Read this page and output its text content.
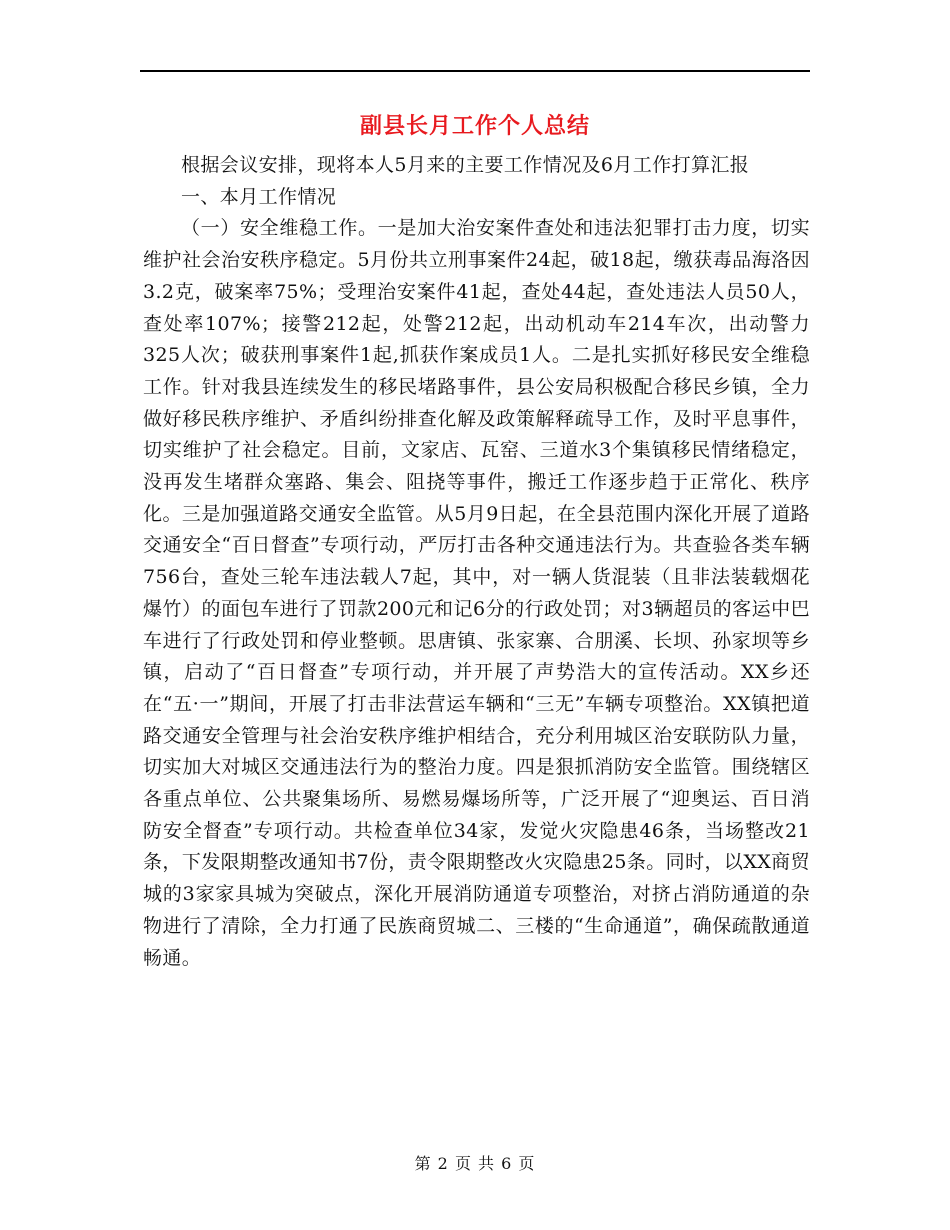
副县长月工作个人总结

根据会议安排，现将本人5月来的主要工作情况及6月工作打算汇报

一、本月工作情况

（一）安全维稳工作。一是加大治安案件查处和违法犯罪打击力度，切实维护社会治安秩序稳定。5月份共立刑事案件24起，破18起，缴获毒品海洛因3.2克，破案率75%；受理治安案件41起，查处44起，查处违法人员50人，查处率107%；接警212起，处警212起，出动机动车214车次，出动警力325人次；破获刑事案件1起,抓获作案成员1人。二是扎实抓好移民安全维稳工作。针对我县连续发生的移民堵路事件，县公安局积极配合移民乡镇，全力做好移民秩序维护、矛盾纠纷排查化解及政策解释疏导工作，及时平息事件，切实维护了社会稳定。目前，文家店、瓦窑、三道水3个集镇移民情绪稳定，没再发生堵群众塞路、集会、阻挠等事件，搬迁工作逐步趋于正常化、秩序化。三是加强道路交通安全监管。从5月9日起，在全县范围内深化开展了道路交通安全“百日督查”专项行动，严厉打击各种交通违法行为。共查验各类车辆756台，查处三轮车违法载人7起，其中，对一辆人货混装（且非法装载烟花爆竹）的面包车进行了罚款200元和记6分的行政处罚；对3辆超员的客运中巴车进行了行政处罚和停业整顿。思唐镇、张家寨、合朋溪、长坝、孙家坝等乡镇，启动了“百日督查”专项行动，并开展了声势浩大的宣传活动。XX乡还在“五·一”期间，开展了打击非法营运车辆和“三无”车辆专项整治。XX镇把道路交通安全管理与社会治安秩序维护相结合，充分利用城区治安联防队力量，切实加大对城区交通违法行为的整治力度。四是狠抓消防安全监管。围绕辖区各重点单位、公共聚集场所、易燃易爆场所等，广泛开展了“迎奥运、百日消防安全督查”专项行动。共检查单位34家，发觉火灾隐患46条，当场整改21条，下发限期整改通知书7份，责令限期整改火灾隐患25条。同时，以XX商贸城的3家家具城为突破点，深化开展消防通道专项整治，对挤占消防通道的杂物进行了清除，全力打通了民族商贸城二、三楼的“生命通道”，确保疏散通道畅通。

第 2 页 共 6 页
